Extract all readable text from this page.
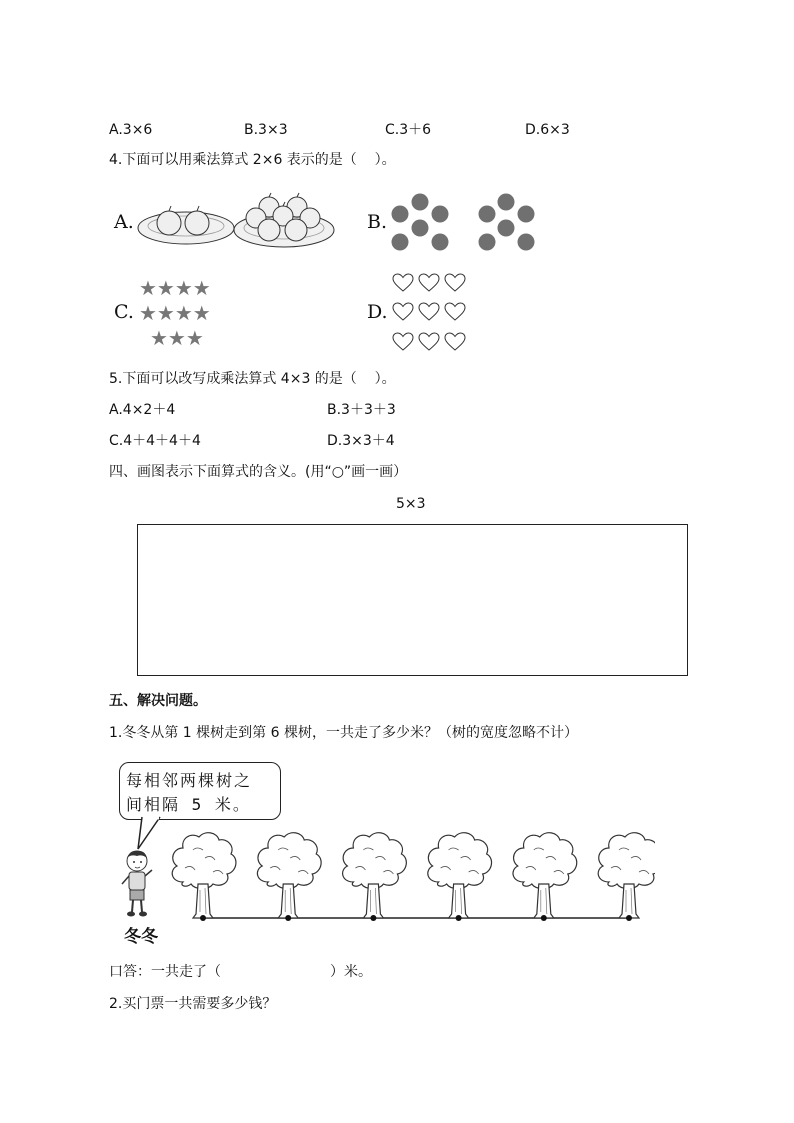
A.3×6	B.3×3	C.3＋6	D.6×3
4.下面可以用乘法算式 2×6 表示的是（    ）。
A.	B.
C.
★★★★
★★★★
★★★
D.
5.下面可以改写成乘法算式 4×3 的是（    ）。
A.4×2＋4	B.3＋3＋3
C.4＋4＋4＋4	D.3×3＋4
四、画图表示下面算式的含义。(用“○”画一画）
5×3
五、解决问题。
1.冬冬从第 1 棵树走到第 6 棵树，一共走了多少米？（树的宽度忽略不计）
每相邻两棵树之
间相隔 5 米。
冬冬
口答：一共走了（	）米。
2.买门票一共需要多少钱？
